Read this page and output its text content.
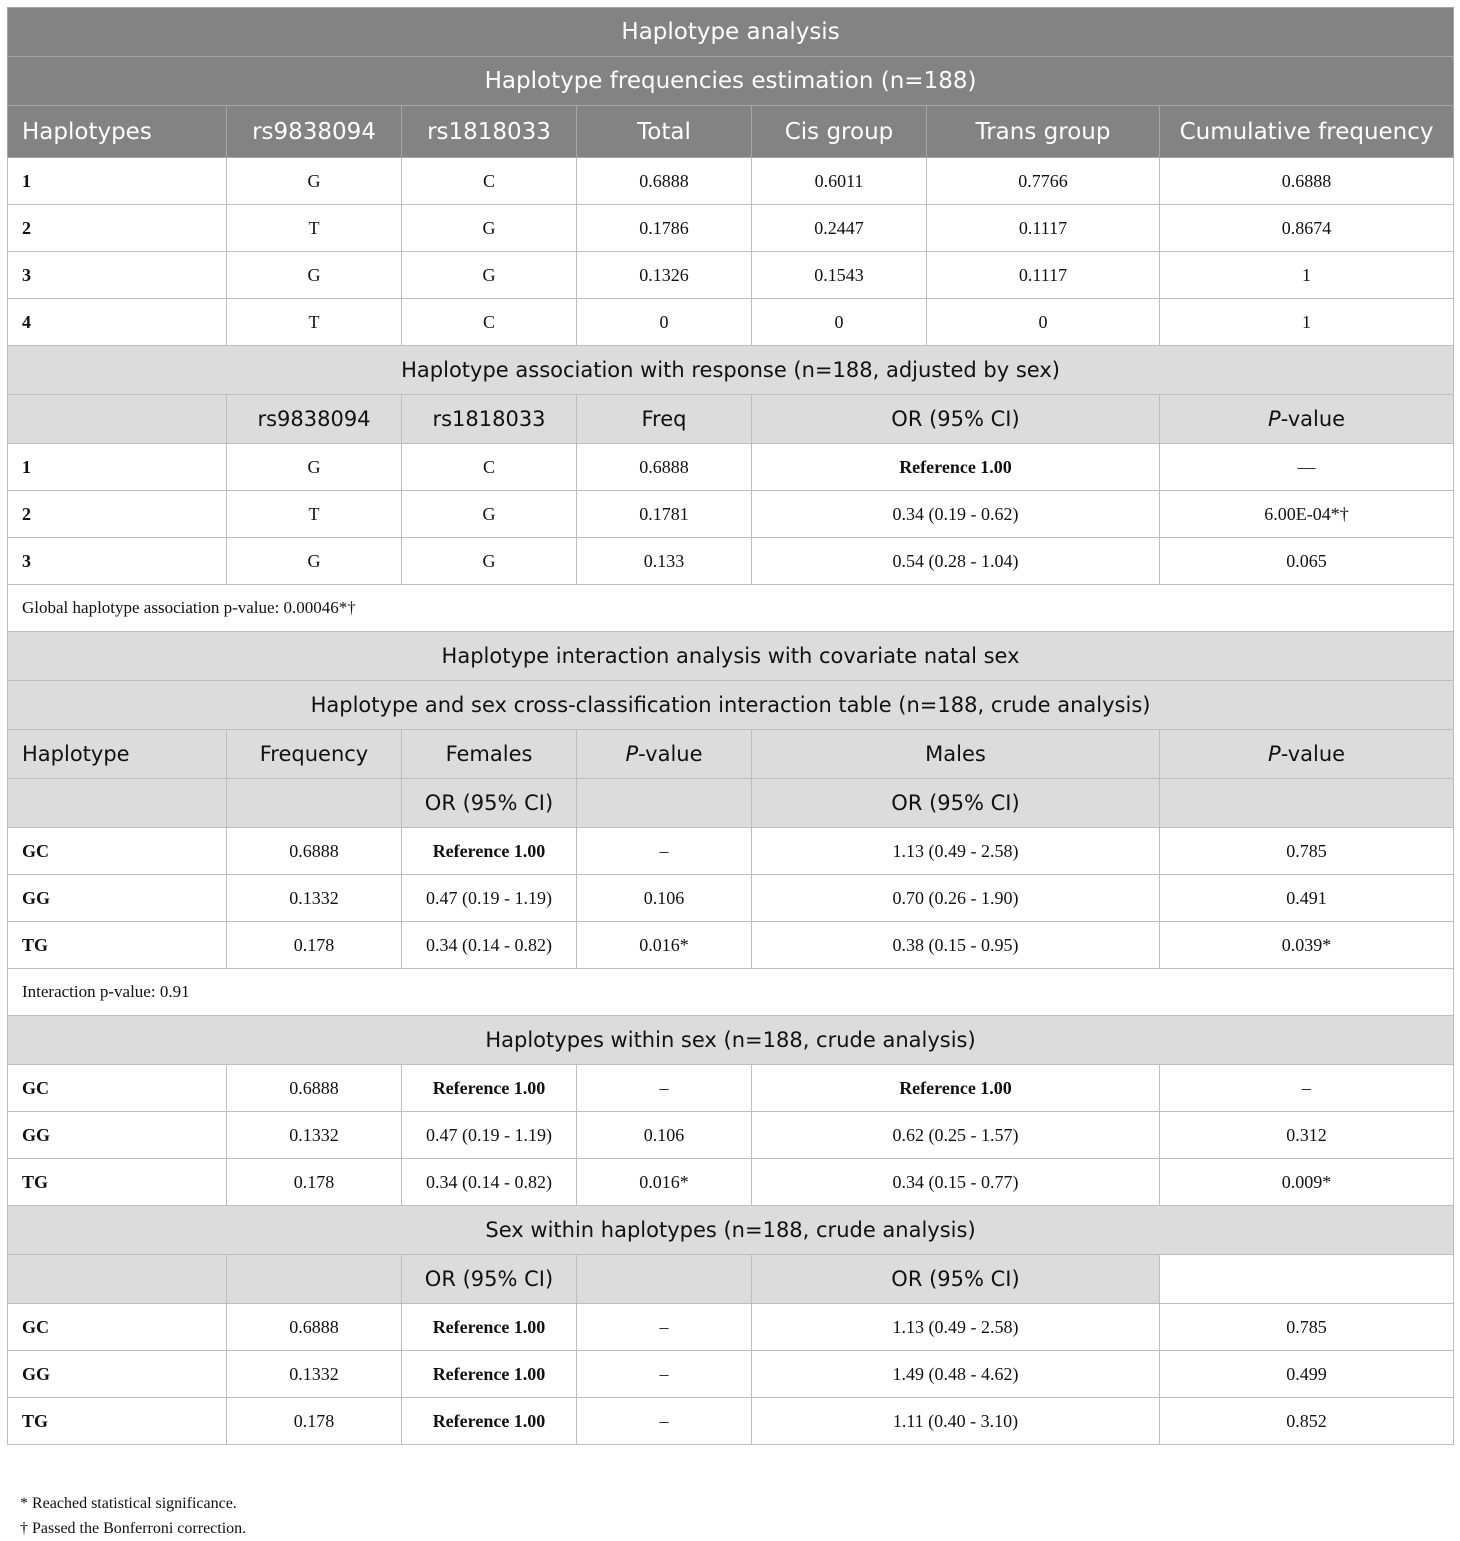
Haplotype analysis						
Haplotype frequencies estimation (n=188)						
Haplotypes	rs9838094	rs1818033	Total	Cis group	Trans group	Cumulative frequency
1	G	C	0.6888	0.6011	0.7766	0.6888
2	T	G	0.1786	0.2447	0.1117	0.8674
3	G	G	0.1326	0.1543	0.1117	1
4	T	C	0	0	0	1
Haplotype association with response (n=188, adjusted by sex)						
	rs9838094	rs1818033	Freq	OR (95% CI)		P-value
1	G	C	0.6888	Reference 1.00		—
2	T	G	0.1781	0.34 (0.19 - 0.62)		6.00E-04*†
3	G	G	0.133	0.54 (0.28 - 1.04)		0.065
Global haplotype association p-value: 0.00046*†						
Haplotype interaction analysis with covariate natal sex						
Haplotype and sex cross-classification interaction table (n=188, crude analysis)						
Haplotype	Frequency	Females	P-value	Males		P-value
		OR (95% CI)		OR (95% CI)		
GC	0.6888	Reference 1.00	–	1.13 (0.49 - 2.58)		0.785
GG	0.1332	0.47 (0.19 - 1.19)	0.106	0.70 (0.26 - 1.90)		0.491
TG	0.178	0.34 (0.14 - 0.82)	0.016*	0.38 (0.15 - 0.95)		0.039*
Interaction p-value: 0.91						
Haplotypes within sex (n=188, crude analysis)						
GC	0.6888	Reference 1.00	–	Reference 1.00		–
GG	0.1332	0.47 (0.19 - 1.19)	0.106	0.62 (0.25 - 1.57)		0.312
TG	0.178	0.34 (0.14 - 0.82)	0.016*	0.34 (0.15 - 0.77)		0.009*
Sex within haplotypes (n=188, crude analysis)						
		OR (95% CI)		OR (95% CI)		
GC	0.6888	Reference 1.00	–	1.13 (0.49 - 2.58)		0.785
GG	0.1332	Reference 1.00	–	1.49 (0.48 - 4.62)		0.499
TG	0.178	Reference 1.00	–	1.11 (0.40 - 3.10)		0.852
* Reached statistical significance.
† Passed the Bonferroni correction.
